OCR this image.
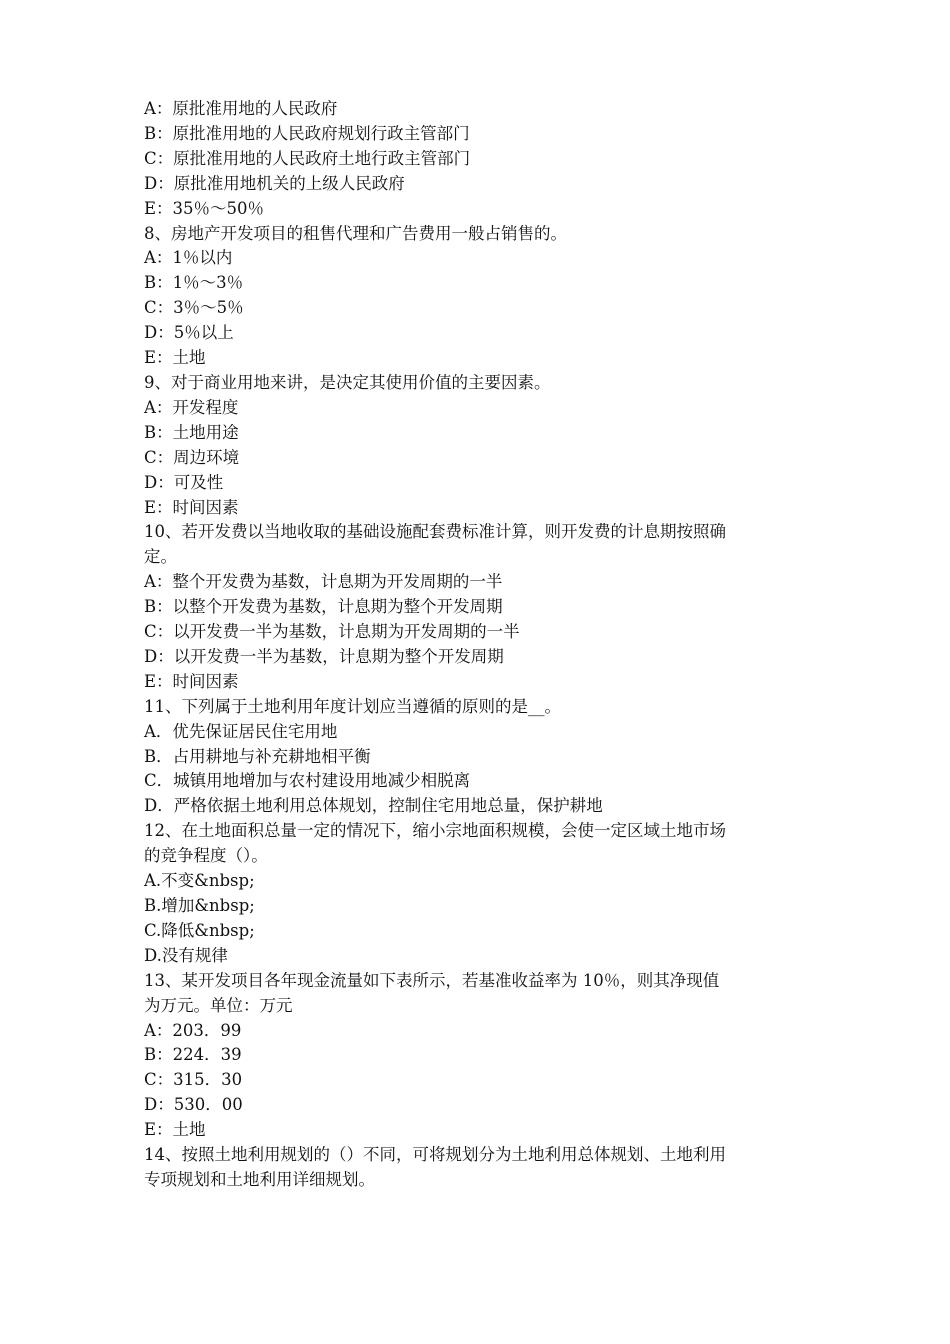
A：原批准用地的人民政府
B：原批准用地的人民政府规划行政主管部门
C：原批准用地的人民政府土地行政主管部门
D：原批准用地机关的上级人民政府
E：35％～50％
8、房地产开发项目的租售代理和广告费用一般占销售的。
A：1％以内
B：1％～3％
C：3％～5％
D：5％以上
E：土地
9、对于商业用地来讲，是决定其使用价值的主要因素。
A：开发程度
B：土地用途
C：周边环境
D：可及性
E：时间因素
10、若开发费以当地收取的基础设施配套费标准计算，则开发费的计息期按照确
定。
A：整个开发费为基数，计息期为开发周期的一半
B：以整个开发费为基数，计息期为整个开发周期
C：以开发费一半为基数，计息期为开发周期的一半
D：以开发费一半为基数，计息期为整个开发周期
E：时间因素
11、下列属于土地利用年度计划应当遵循的原则的是__。
A．优先保证居民住宅用地
B．占用耕地与补充耕地相平衡
C．城镇用地增加与农村建设用地减少相脱离
D．严格依据土地利用总体规划，控制住宅用地总量，保护耕地
12、在土地面积总量一定的情况下，缩小宗地面积规模，会使一定区域土地市场
的竞争程度（）。
A.不变&nbsp;
B.增加&nbsp;
C.降低&nbsp;
D.没有规律
13、某开发项目各年现金流量如下表所示，若基准收益率为 10％，则其净现值
为万元。单位：万元
A：203．99
B：224．39
C：315．30
D：530．00
E：土地
14、按照土地利用规划的（）不同，可将规划分为土地利用总体规划、土地利用
专项规划和土地利用详细规划。
